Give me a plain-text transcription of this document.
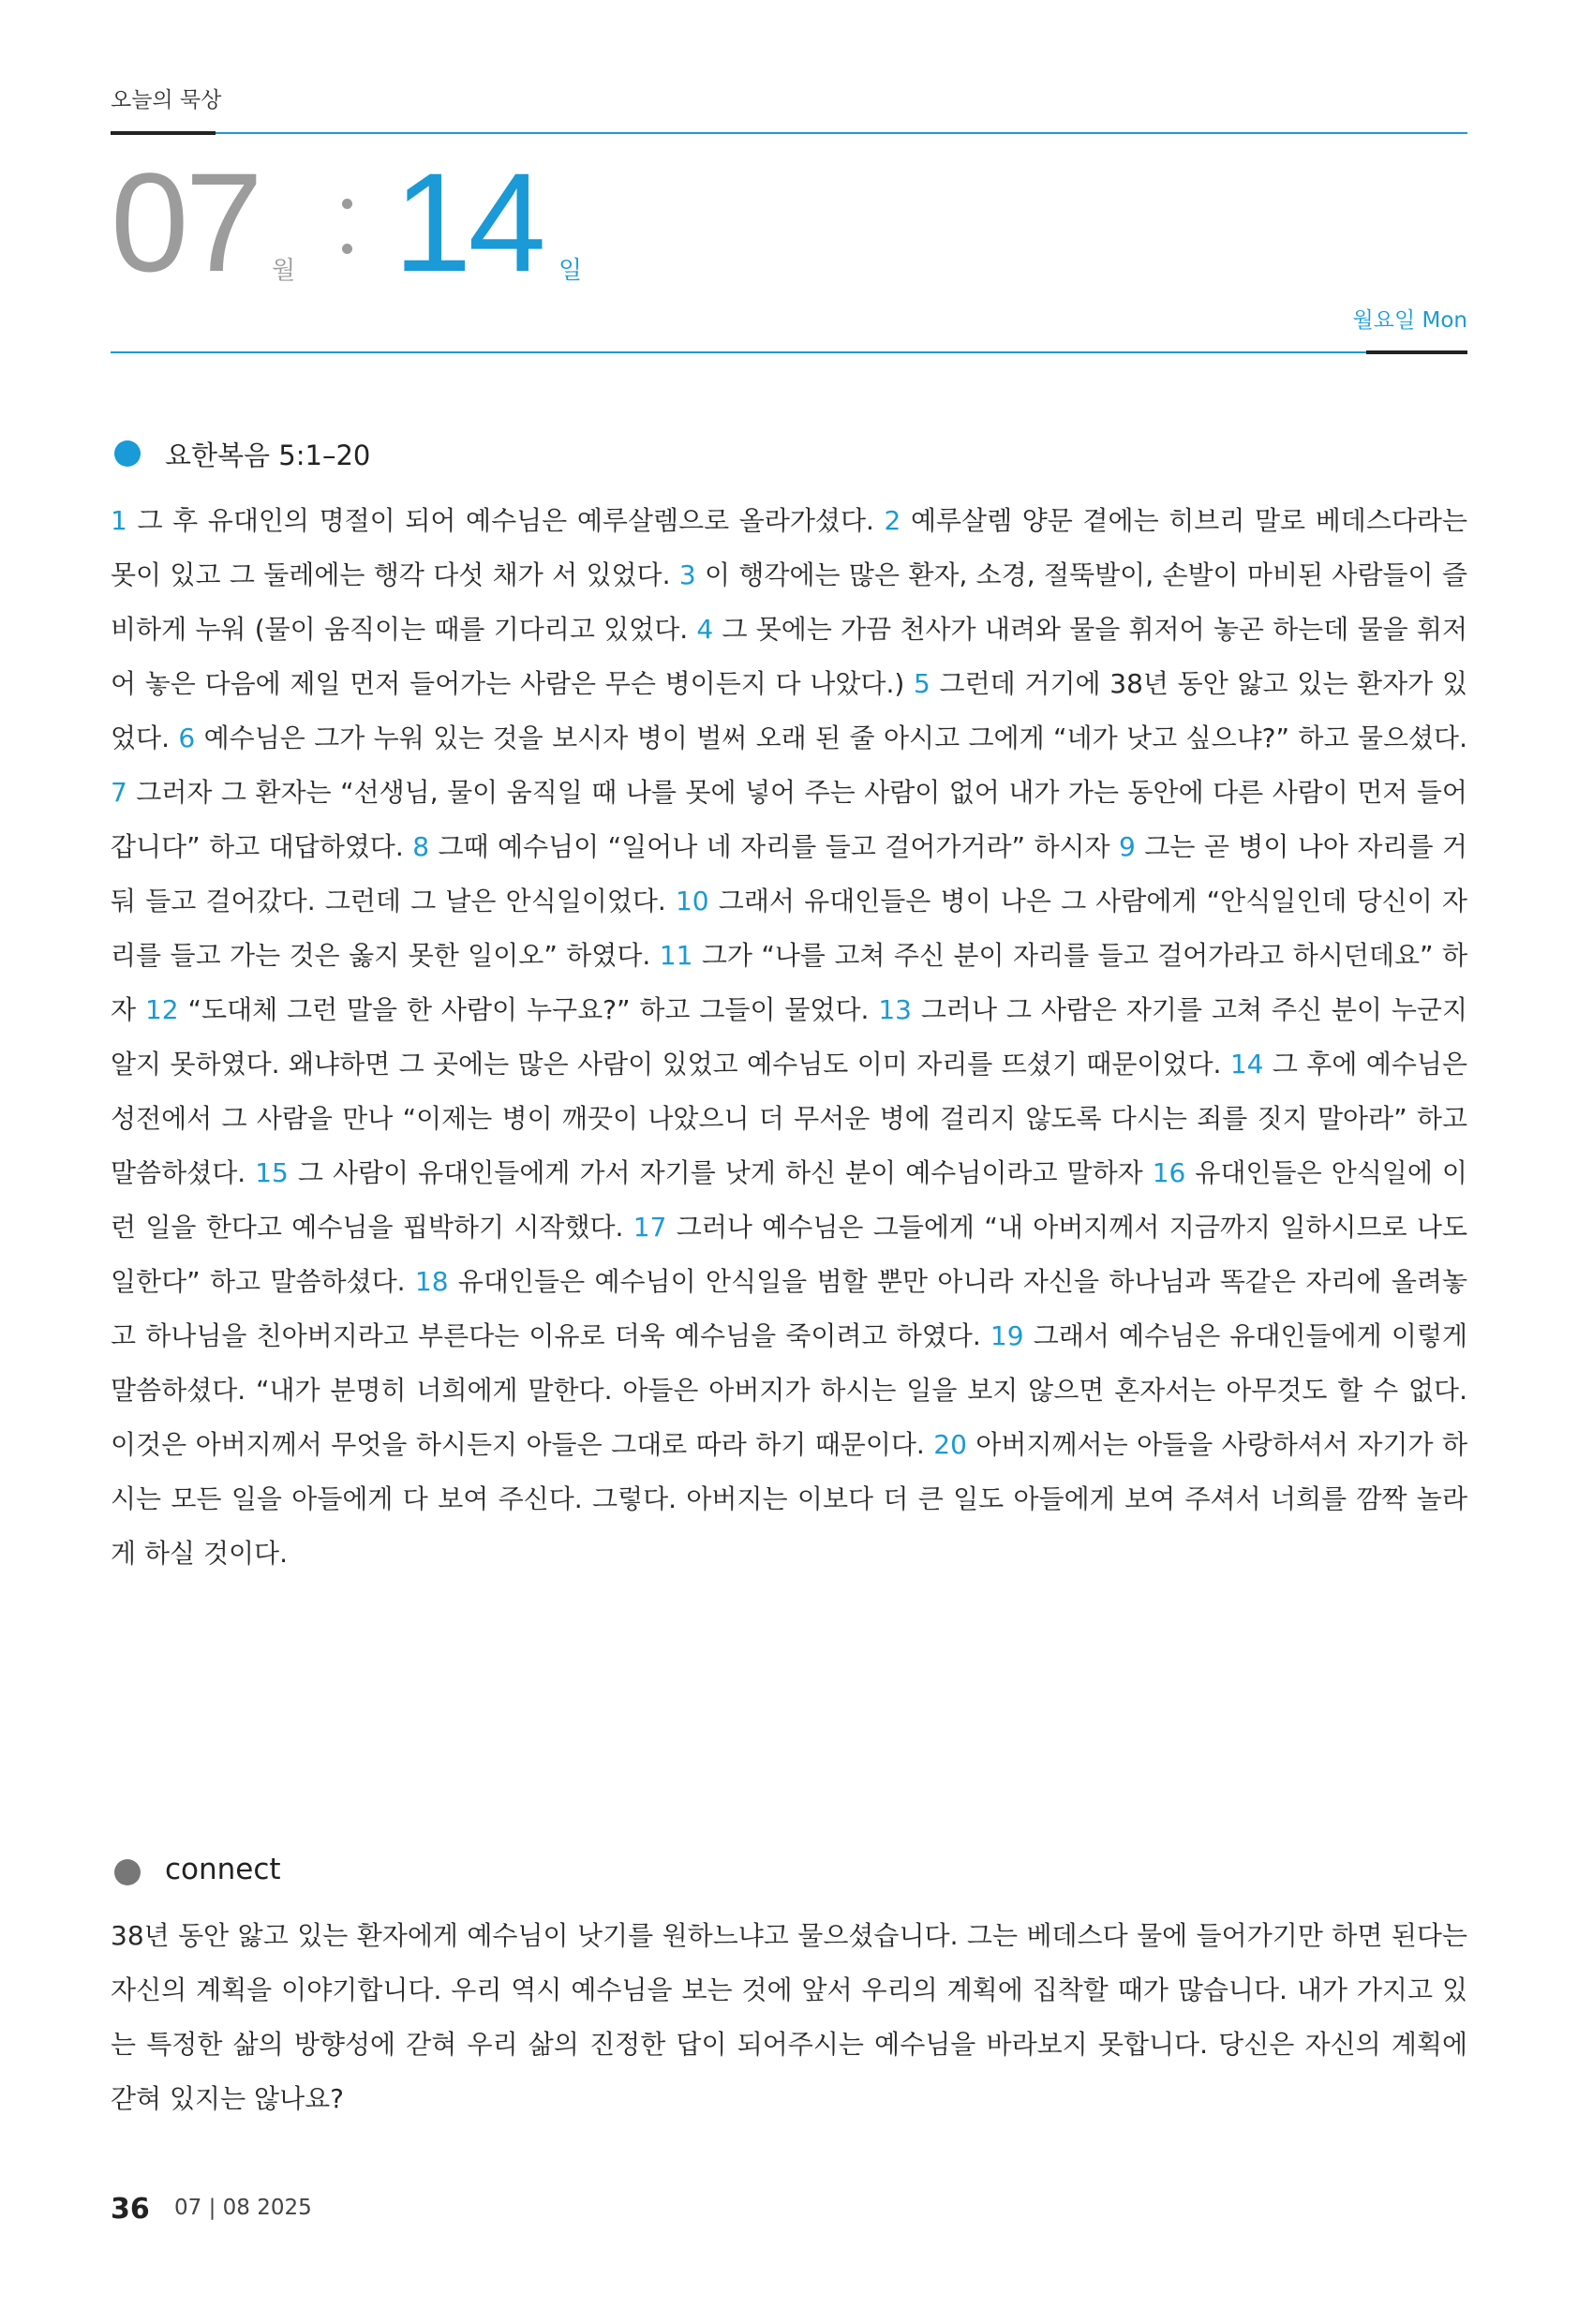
오늘의 묵상
07 월 14 일
월요일 Mon
요한복음 5:1–20
1 그 후 유대인의 명절이 되어 예수님은 예루살렘으로 올라가셨다. 2 예루살렘 양문 곁에는 히브리 말로 베데스다라는 못이 있고 그 둘레에는 행각 다섯 채가 서 있었다. 3 이 행각에는 많은 환자, 소경, 절뚝발이, 손발이 마비된 사람들이 즐비하게 누워 (물이 움직이는 때를 기다리고 있었다. 4 그 못에는 가끔 천사가 내려와 물을 휘저어 놓곤 하는데 물을 휘저어 놓은 다음에 제일 먼저 들어가는 사람은 무슨 병이든지 다 나았다.) 5 그런데 거기에 38년 동안 앓고 있는 환자가 있었다. 6 예수님은 그가 누워 있는 것을 보시자 병이 벌써 오래 된 줄 아시고 그에게 “네가 낫고 싶으냐?” 하고 물으셨다. 7 그러자 그 환자는 “선생님, 물이 움직일 때 나를 못에 넣어 주는 사람이 없어 내가 가는 동안에 다른 사람이 먼저 들어갑니다” 하고 대답하였다. 8 그때 예수님이 “일어나 네 자리를 들고 걸어가거라” 하시자 9 그는 곧 병이 나아 자리를 거둬 들고 걸어갔다. 그런데 그 날은 안식일이었다. 10 그래서 유대인들은 병이 나은 그 사람에게 “안식일인데 당신이 자리를 들고 가는 것은 옳지 못한 일이오” 하였다. 11 그가 “나를 고쳐 주신 분이 자리를 들고 걸어가라고 하시던데요” 하자 12 “도대체 그런 말을 한 사람이 누구요?” 하고 그들이 물었다. 13 그러나 그 사람은 자기를 고쳐 주신 분이 누군지 알지 못하였다. 왜냐하면 그 곳에는 많은 사람이 있었고 예수님도 이미 자리를 뜨셨기 때문이었다. 14 그 후에 예수님은 성전에서 그 사람을 만나 “이제는 병이 깨끗이 나았으니 더 무서운 병에 걸리지 않도록 다시는 죄를 짓지 말아라” 하고 말씀하셨다. 15 그 사람이 유대인들에게 가서 자기를 낫게 하신 분이 예수님이라고 말하자 16 유대인들은 안식일에 이런 일을 한다고 예수님을 핍박하기 시작했다. 17 그러나 예수님은 그들에게 “내 아버지께서 지금까지 일하시므로 나도 일한다” 하고 말씀하셨다. 18 유대인들은 예수님이 안식일을 범할 뿐만 아니라 자신을 하나님과 똑같은 자리에 올려놓고 하나님을 친아버지라고 부른다는 이유로 더욱 예수님을 죽이려고 하였다. 19 그래서 예수님은 유대인들에게 이렇게 말씀하셨다. “내가 분명히 너희에게 말한다. 아들은 아버지가 하시는 일을 보지 않으면 혼자서는 아무것도 할 수 없다. 이것은 아버지께서 무엇을 하시든지 아들은 그대로 따라 하기 때문이다. 20 아버지께서는 아들을 사랑하셔서 자기가 하시는 모든 일을 아들에게 다 보여 주신다. 그렇다. 아버지는 이보다 더 큰 일도 아들에게 보여 주셔서 너희를 깜짝 놀라게 하실 것이다.
connect
38년 동안 앓고 있는 환자에게 예수님이 낫기를 원하느냐고 물으셨습니다. 그는 베데스다 물에 들어가기만 하면 된다는 자신의 계획을 이야기합니다. 우리 역시 예수님을 보는 것에 앞서 우리의 계획에 집착할 때가 많습니다. 내가 가지고 있는 특정한 삶의 방향성에 갇혀 우리 삶의 진정한 답이 되어주시는 예수님을 바라보지 못합니다. 당신은 자신의 계획에 갇혀 있지는 않나요?
36 07 | 08 2025
